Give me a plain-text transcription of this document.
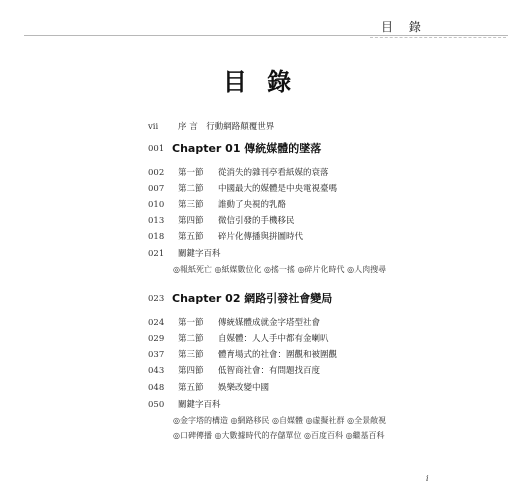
目 錄
目 錄
vii 序 言　行動網路顛覆世界
001 Chapter 01 傳統媒體的墜落
002 第一節 從消失的雜刊亭看紙媒的衰落
007 第二節 中國最大的媒體是中央電視臺嗎
010 第三節 誰動了央視的乳酪
013 第四節 微信引發的手機移民
018 第五節 碎片化傳播與拼圖時代
021 關鍵字百科
◎報紙死亡 ◎紙媒數位化 ◎搖一搖 ◎碎片化時代 ◎人肉搜尋
023 Chapter 02 網路引發社會變局
024 第一節 傳統媒體成就金字塔型社會
029 第二節 自媒體：人人手中都有金喇叭
037 第三節 體育場式的社會：圍觀和被圍觀
043 第四節 低智商社會：有問題找百度
048 第五節 娛樂改變中國
050 關鍵字百科
◎金字塔的構造 ◎網路移民 ◎自媒體 ◎虛擬社群 ◎全景敞視
◎口碑傳播 ◎大數據時代的存儲單位 ◎百度百科 ◎繼基百科
i
